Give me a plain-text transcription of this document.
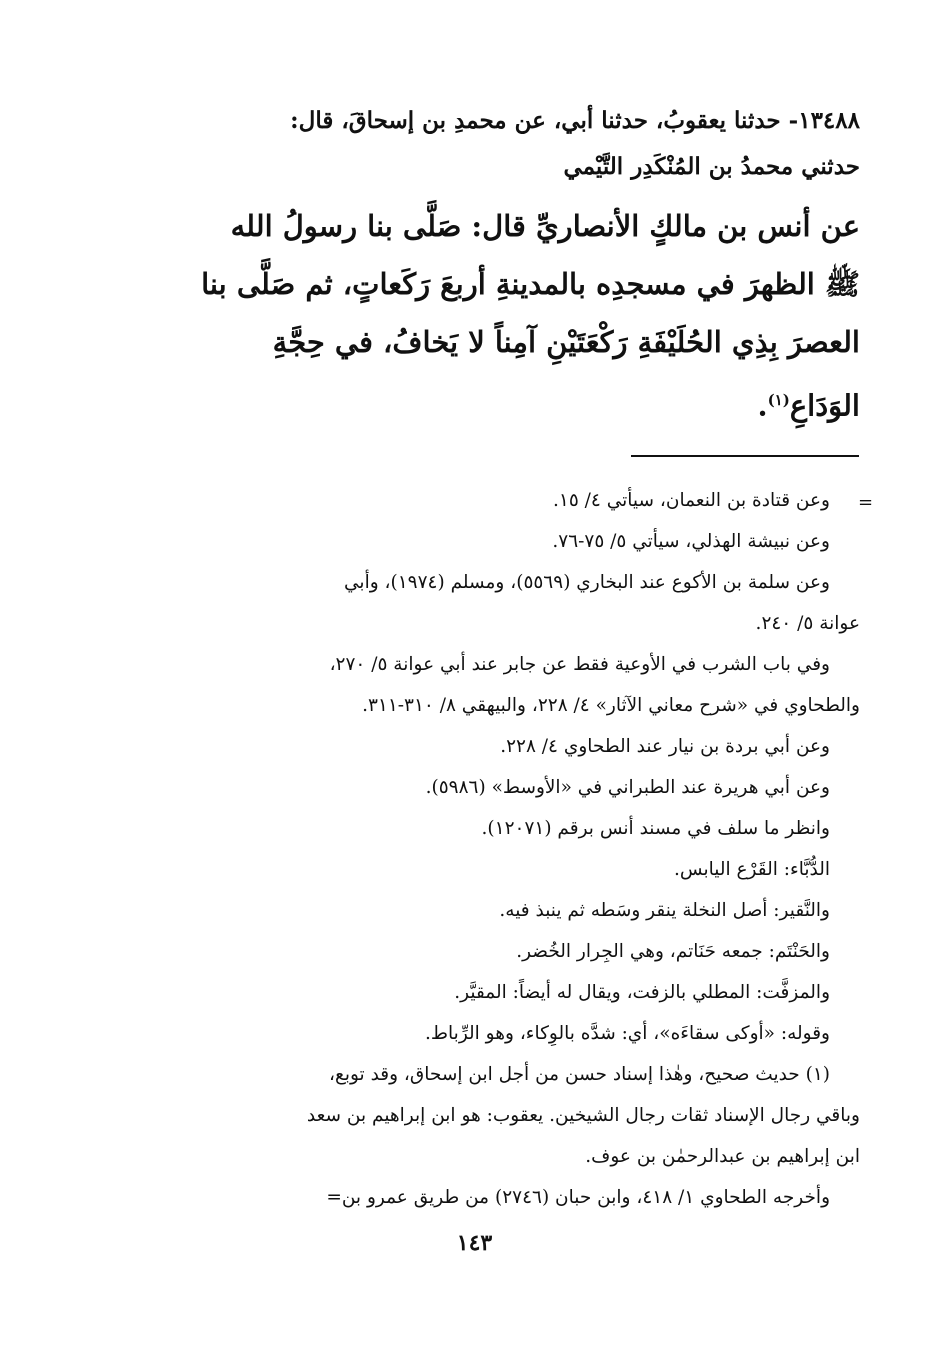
١٣٤٨٨- حدثنا يعقوبُ، حدثنا أبي، عن محمدِ بن إسحاقَ، قال:
حدثني محمدُ بن المُنْكَدِر التَّيْمي
عن أنس بن مالكٍ الأنصاريِّ قال: صَلَّى بنا رسولُ الله
ﷺ الظهرَ في مسجدِه بالمدينةِ أربعَ رَكَعاتٍ، ثم صَلَّى بنا
العصرَ بِذِي الحُلَيْفَةِ رَكْعَتَيْنِ آمِناً لا يَخافُ، في حِجَّةِ
الوَدَاعِ$^{(١)}$.
=
وعن قتادة بن النعمان، سيأتي ٤/ ١٥.
وعن نبيشة الهذلي، سيأتي ٥/ ٧٥-٧٦.
وعن سلمة بن الأكوع عند البخاري (٥٥٦٩)، ومسلم (١٩٧٤)، وأبي
عوانة ٥/ ٢٤٠.
وفي باب الشرب في الأوعية فقط عن جابر عند أبي عوانة ٥/ ٢٧٠،
والطحاوي في «شرح معاني الآثار» ٤/ ٢٢٨، والبيهقي ٨/ ٣١٠-٣١١.
وعن أبي بردة بن نيار عند الطحاوي ٤/ ٢٢٨.
وعن أبي هريرة عند الطبراني في «الأوسط» (٥٩٨٦).
وانظر ما سلف في مسند أنس برقم (١٢٠٧١).
الدُّبَّاء: القَرْع اليابس.
والنَّقير: أصل النخلة ينقر وسَطه ثم ينبذ فيه.
والحَنْتَم: جمعه حَنَاتم، وهي الجِرار الخُضر.
والمزفَّت: المطلي بالزفت، ويقال له أيضاً: المقيَّر.
وقوله: «أوكى سقاءَه»، أي: شدَّه بالوِكاء، وهو الرِّباط.
(١) حديث صحيح، وهٰذا إسناد حسن من أجل ابن إسحاق، وقد توبع،
وباقي رجال الإسناد ثقات رجال الشيخين. يعقوب: هو ابن إبراهيم بن سعد
ابن إبراهيم بن عبدالرحمٰن بن عوف.
وأخرجه الطحاوي ١/ ٤١٨، وابن حبان (٢٧٤٦) من طريق عمرو بن=
١٤٣
